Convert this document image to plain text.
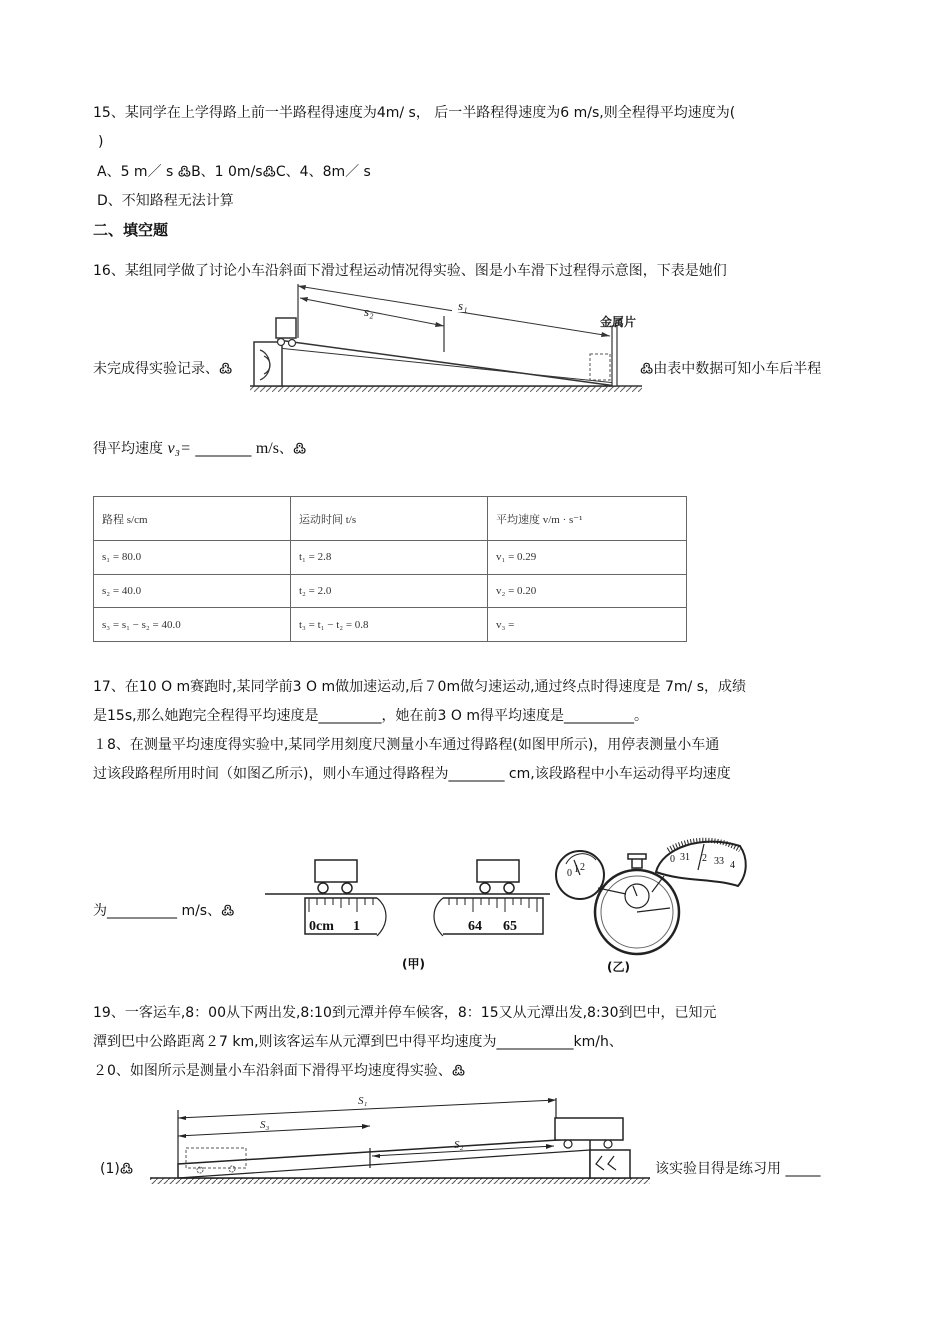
15、某同学在上学得路上前一半路程得速度为4m/ s， 后一半路程得速度为6 m/s,则全程得平均速度为(
)
A、5 m／ s ߷B、1 0m/s߷C、4、8m／ s
D、不知路程无法计算
二、填空题
16、某组同学做了讨论小车沿斜面下滑过程运动情况得实验、图是小车滑下过程得示意图，下表是她们
未完成得实验记录、߷	߷由表中数据可知小车后半程
s₁
s₂
金属片
得平均速度 v₃= ________ m/s、߷
路程 s/cm	运动时间 t/s	平均速度 v/m · s⁻¹
s₁ = 80.0	t₁ = 2.8	v₁ = 0.29
s₂ = 40.0	t₂ = 2.0	v₂ = 0.20
s₃ = s₁ − s₂ = 40.0	t₃ = t₁ − t₂ = 0.8	v₃ =
17、在10 O m赛跑时,某同学前3 O m做加速运动,后７0m做匀速运动,通过终点时得速度是 7m/ s，成绩
是15s,那么她跑完全程得平均速度是_________，她在前3 O m得平均速度是__________。
１8、在测量平均速度得实验中,某同学用刻度尺测量小车通过得路程(如图甲所示)，用停表测量小车通
过该段路程所用时间（如图乙所示)，则小车通过得路程为________ cm,该段路程中小车运动得平均速度
为__________ m/s、߷
0cm 1	64 65
(甲)
0 1 2
0 31 2 33 4
(乙)
19、一客运车,8：00从下两出发,8:10到元潭并停车候客，8：15又从元潭出发,8:30到巴中，已知元
潭到巴中公路距离２7 km,则该客运车从元潭到巴中得平均速度为___________km/h、
２0、如图所示是测量小车沿斜面下滑得平均速度得实验、߷
(1)߷	该实验目得是练习用 _____
S₁
S₃
S₂
